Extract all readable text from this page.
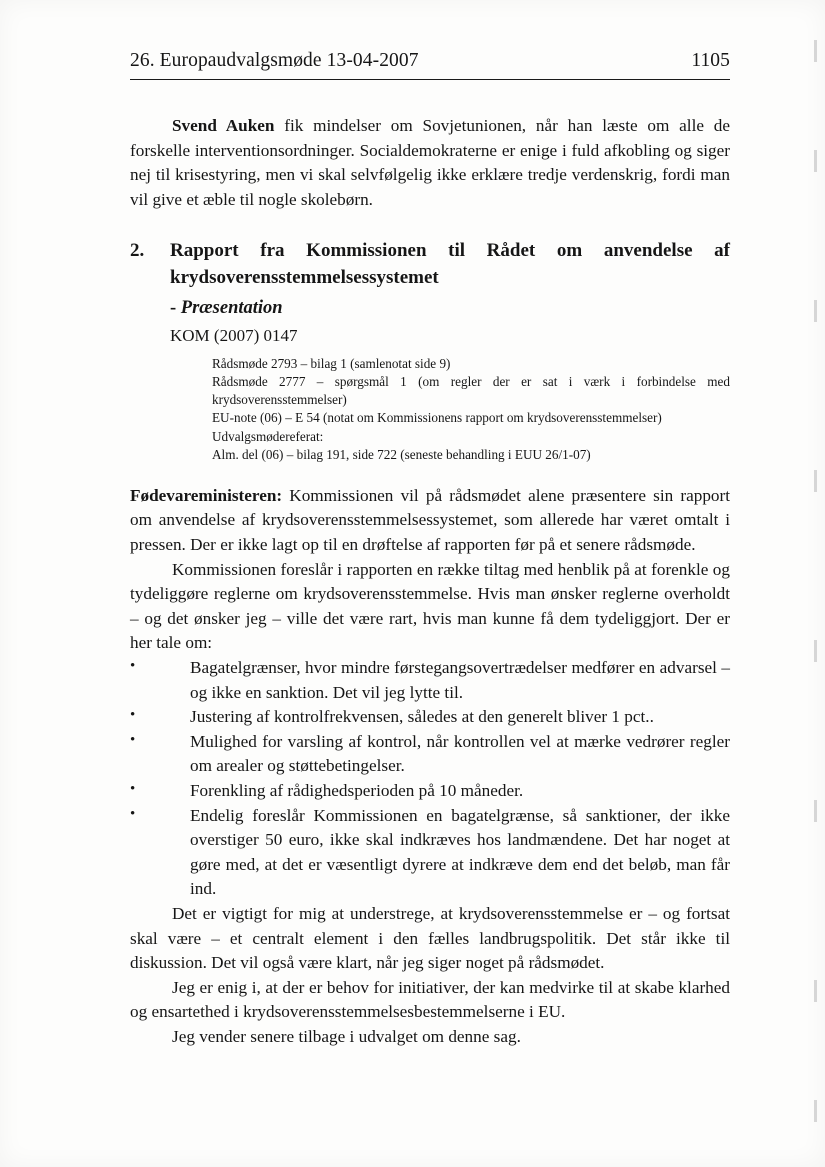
26. Europaudvalgsmøde 13-04-2007	1105

Svend Auken fik mindelser om Sovjetunionen, når han læste om alle de forskelle interventionsordninger. Socialdemokraterne er enige i fuld afkobling og siger nej til krisestyring, men vi skal selvfølgelig ikke erklære tredje verdenskrig, fordi man vil give et æble til nogle skolebørn.

2.	Rapport fra Kommissionen til Rådet om anvendelse af krydsoverensstemmelsessystemet
- Præsentation
KOM (2007) 0147
Rådsmøde 2793 – bilag 1 (samlenotat side 9)
Rådsmøde 2777 – spørgsmål 1 (om regler der er sat i værk i forbindelse med krydsoverensstemmelser)
EU-note (06) – E 54 (notat om Kommissionens rapport om krydsoverensstemmelser)
Udvalgsmødereferat:
Alm. del (06) – bilag 191, side 722 (seneste behandling i EUU 26/1-07)

Fødevareministeren: Kommissionen vil på rådsmødet alene præsentere sin rapport om anvendelse af krydsoverensstemmelsessystemet, som allerede har været omtalt i pressen. Der er ikke lagt op til en drøftelse af rapporten før på et senere rådsmøde.

Kommissionen foreslår i rapporten en række tiltag med henblik på at forenkle og tydeliggøre reglerne om krydsoverensstemmelse. Hvis man ønsker reglerne overholdt – og det ønsker jeg – ville det være rart, hvis man kunne få dem tydeliggjort. Der er her tale om:

•	Bagatelgrænser, hvor mindre førstegangsovertrædelser medfører en advarsel – og ikke en sanktion. Det vil jeg lytte til.
•	Justering af kontrolfrekvensen, således at den generelt bliver 1 pct..
•	Mulighed for varsling af kontrol, når kontrollen vel at mærke vedrører regler om arealer og støttebetingelser.
•	Forenkling af rådighedsperioden på 10 måneder.
•	Endelig foreslår Kommissionen en bagatelgrænse, så sanktioner, der ikke overstiger 50 euro, ikke skal indkræves hos landmændene. Det har noget at gøre med, at det er væsentligt dyrere at indkræve dem end det beløb, man får ind.

Det er vigtigt for mig at understrege, at krydsoverensstemmelse er – og fortsat skal være – et centralt element i den fælles landbrugspolitik. Det står ikke til diskussion. Det vil også være klart, når jeg siger noget på rådsmødet.

Jeg er enig i, at der er behov for initiativer, der kan medvirke til at skabe klarhed og ensartethed i krydsoverensstemmelsesbestemmelserne i EU.

Jeg vender senere tilbage i udvalget om denne sag.
